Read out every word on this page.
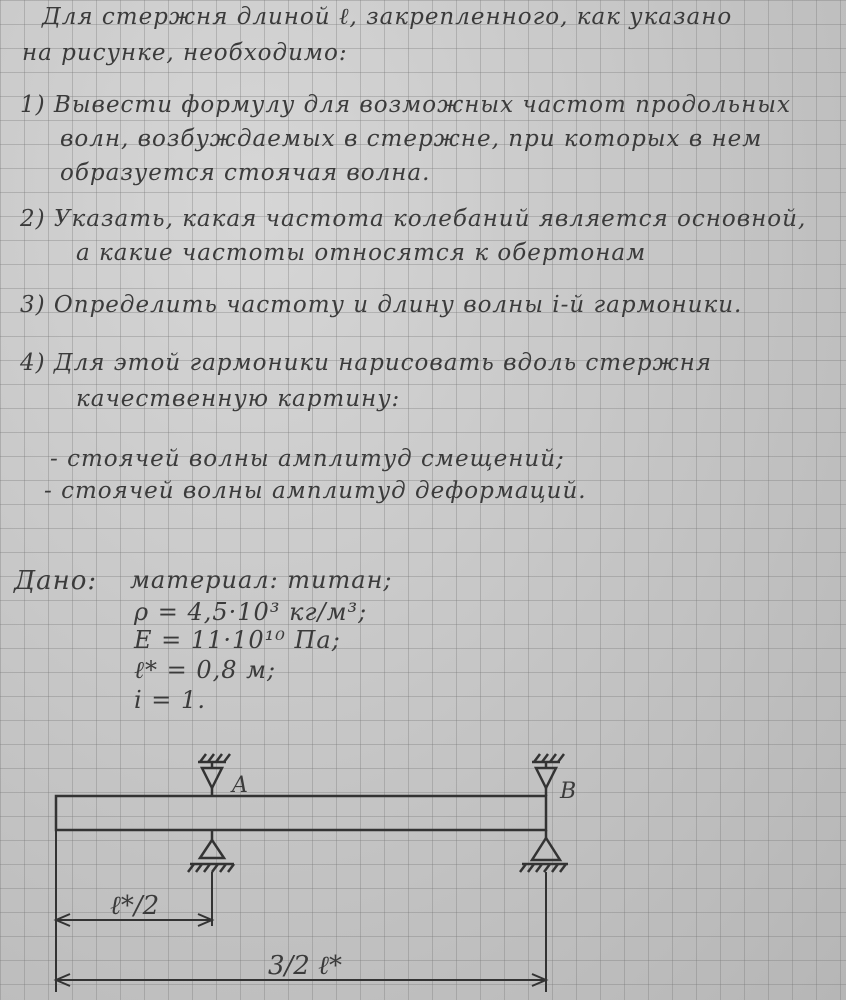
Для стержня длиной ℓ, закрепленного, как указано
на рисунке, необходимо:
1) Вывести формулу для возможных частот продольных
волн, возбуждаемых в стержне, при которых в нем
образуется стоячая волна.
2) Указать, какая частота колебаний является основной,
а какие частоты относятся к обертонам
3) Определить частоту и длину волны i-й гармоники.
4) Для этой гармоники нарисовать вдоль стержня
качественную картину:
- стоячей волны амплитуд смещений;
- стоячей волны амплитуд деформаций.
Дано: материал: титан;
ρ = 4,5·10³ кг/м³;
E = 11·10¹⁰ Па;
ℓ* = 0,8 м;
i = 1.
A	B
ℓ*/2
3/2 ℓ*
